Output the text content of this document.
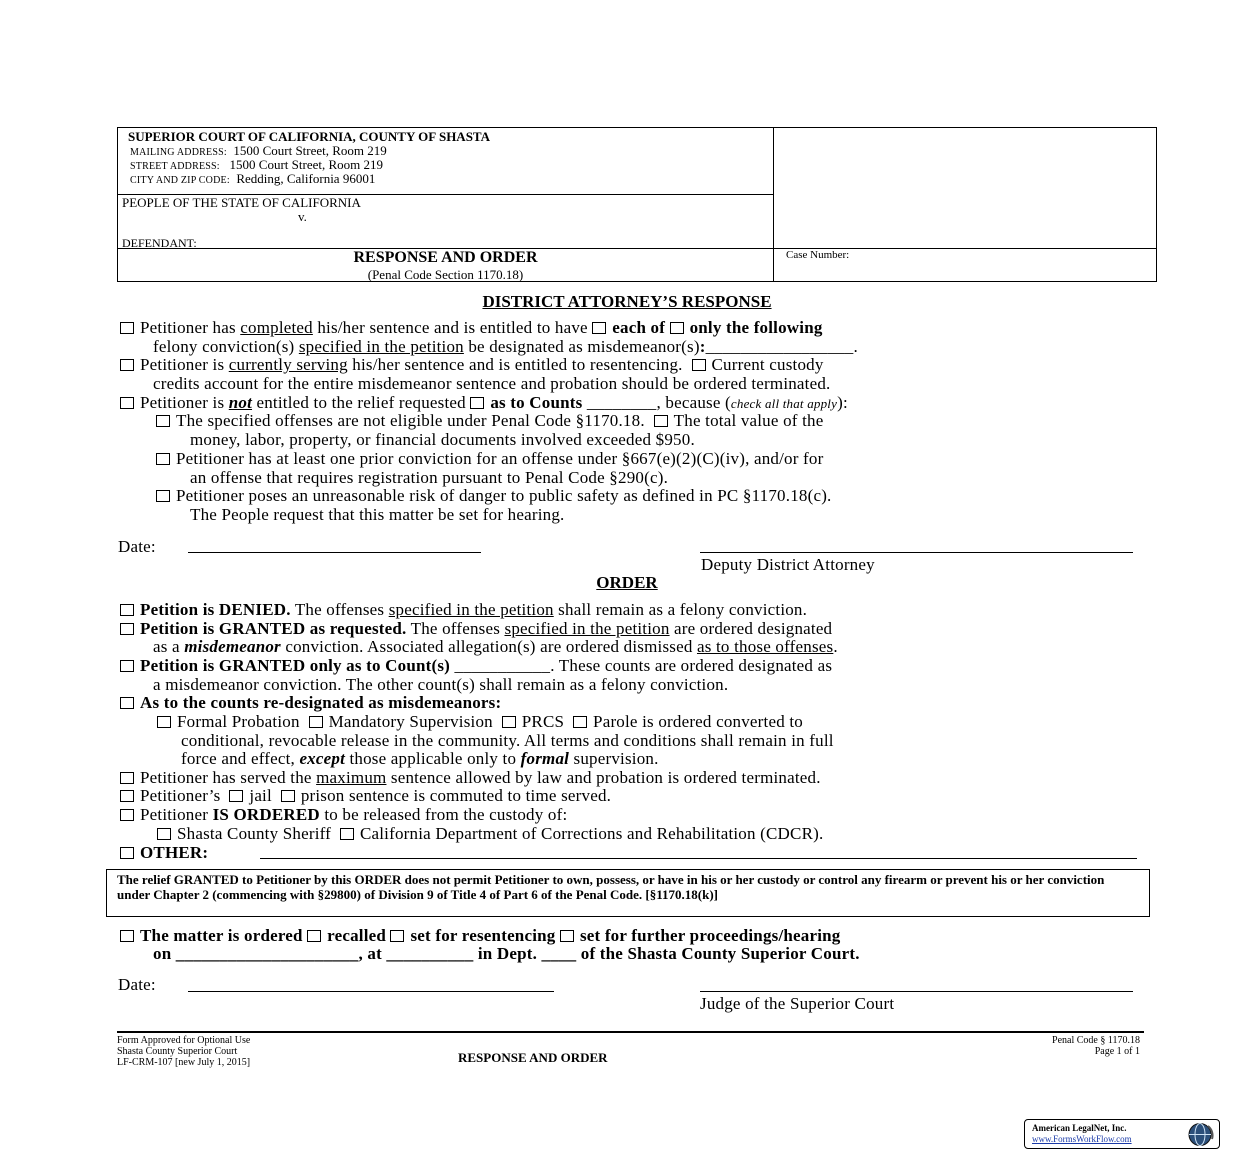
SUPERIOR COURT OF CALIFORNIA, COUNTY OF SHASTA
MAILING ADDRESS: 1500 Court Street, Room 219
STREET ADDRESS: 1500 Court Street, Room 219
CITY AND ZIP CODE: Redding, California 96001
PEOPLE OF THE STATE OF CALIFORNIA
v.
DEFENDANT:
RESPONSE AND ORDER
(Penal Code Section 1170.18)
Case Number:
DISTRICT ATTORNEY’S RESPONSE
Petitioner has completed his/her sentence and is entitled to have each of only the following
felony conviction(s) specified in the petition be designated as misdemeanor(s):_________________.
Petitioner is currently serving his/her sentence and is entitled to resentencing. Current custody
credits account for the entire misdemeanor sentence and probation should be ordered terminated.
Petitioner is not entitled to the relief requested as to Counts ________, because (check all that apply):
The specified offenses are not eligible under Penal Code §1170.18. The total value of the
money, labor, property, or financial documents involved exceeded $950.
Petitioner has at least one prior conviction for an offense under §667(e)(2)(C)(iv), and/or for
an offense that requires registration pursuant to Penal Code §290(c).
Petitioner poses an unreasonable risk of danger to public safety as defined in PC §1170.18(c).
The People request that this matter be set for hearing.
Date:
Deputy District Attorney
ORDER
Petition is DENIED. The offenses specified in the petition shall remain as a felony conviction.
Petition is GRANTED as requested. The offenses specified in the petition are ordered designated
as a misdemeanor conviction. Associated allegation(s) are ordered dismissed as to those offenses.
Petition is GRANTED only as to Count(s) ___________. These counts are ordered designated as
a misdemeanor conviction. The other count(s) shall remain as a felony conviction.
As to the counts re-designated as misdemeanors:
Formal Probation Mandatory Supervision PRCS Parole is ordered converted to
conditional, revocable release in the community. All terms and conditions shall remain in full
force and effect, except those applicable only to formal supervision.
Petitioner has served the maximum sentence allowed by law and probation is ordered terminated.
Petitioner’s jail prison sentence is commuted to time served.
Petitioner IS ORDERED to be released from the custody of:
Shasta County Sheriff California Department of Corrections and Rehabilitation (CDCR).
OTHER:
The relief GRANTED to Petitioner by this ORDER does not permit Petitioner to own, possess, or have in his or her custody or control any firearm or prevent his or her conviction under Chapter 2 (commencing with §29800) of Division 9 of Title 4 of Part 6 of the Penal Code. [§1170.18(k)]
The matter is ordered recalled set for resentencing set for further proceedings/hearing
on _____________________, at __________ in Dept. ____ of the Shasta County Superior Court.
Date:
Judge of the Superior Court
Form Approved for Optional Use
Shasta County Superior Court
LF-CRM-107 [new July 1, 2015]	RESPONSE AND ORDER
Penal Code § 1170.18
Page 1 of 1
American LegalNet, Inc.
www.FormsWorkFlow.com
